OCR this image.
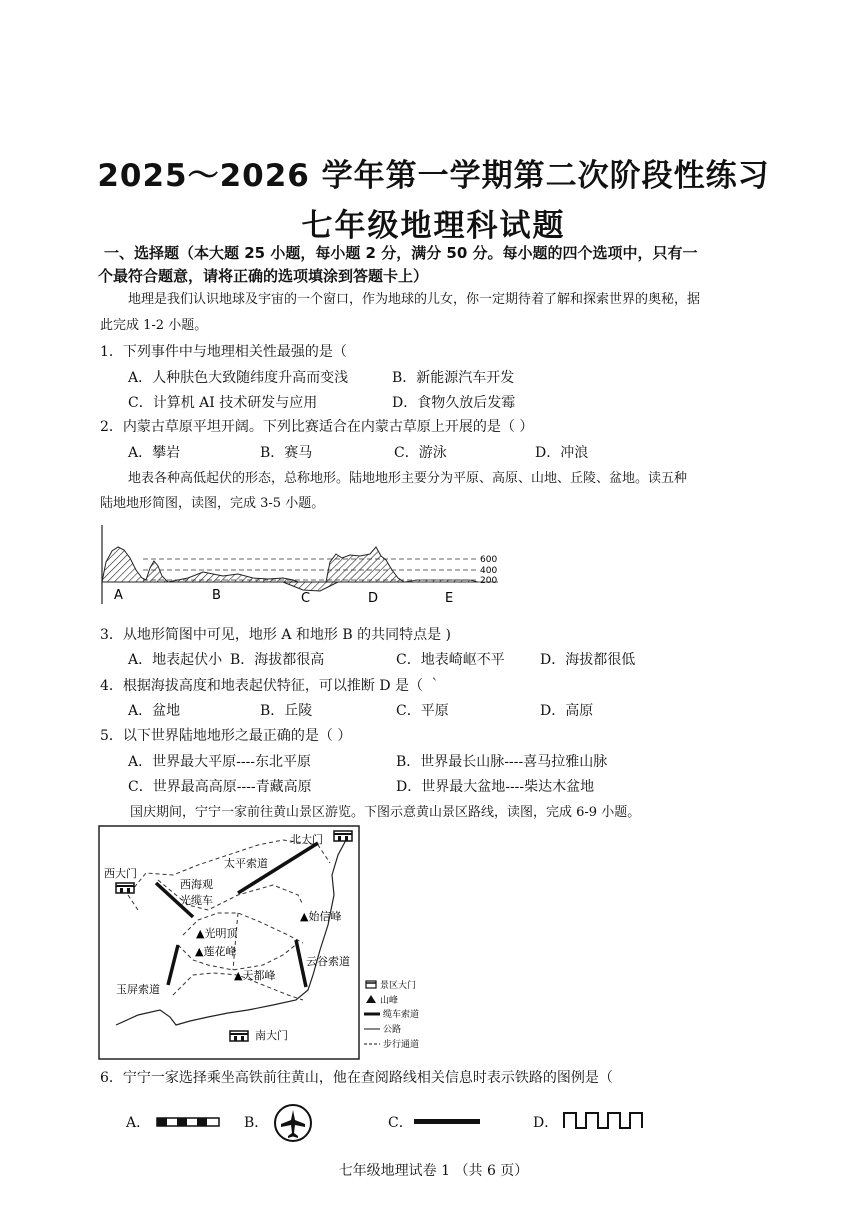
2025～2026 学年第一学期第二次阶段性练习
七年级地理科试题
一、选择题（本大题 25 小题，每小题 2 分，满分 50 分。每小题的四个选项中，只有一
个最符合题意，请将正确的选项填涂到答题卡上）
地理是我们认识地球及宇宙的一个窗口，作为地球的儿女，你一定期待着了解和探索世界的奥秘，据
此完成 1-2 小题。
1．下列事件中与地理相关性最强的是（
A．人种肤色大致随纬度升高而变浅	B．新能源汽车开发
C．计算机 AI 技术研发与应用	D．食物久放后发霉
2．内蒙古草原平坦开阔。下列比赛适合在内蒙古草原上开展的是（ ）
A．攀岩	B．赛马	C．游泳	D．冲浪
地表各种高低起伏的形态，总称地形。陆地地形主要分为平原、高原、山地、丘陵、盆地。读五种
陆地地形简图，读图，完成 3-5 小题。
600
400
200
A	B	C	D	E
3．从地形简图中可见，地形 A 和地形 B 的共同特点是 )
A．地表起伏小 B．海拔都很高	C．地表崎岖不平	D．海拔都很低
4．根据海拔高度和地表起伏特征，可以推断 D 是（ ｀
A．盆地	B．丘陵	C．平原	D．高原
5．以下世界陆地地形之最正确的是（ ）
A．世界最大平原----东北平原	B．世界最长山脉----喜马拉雅山脉
C．世界最高高原----青藏高原	D．世界最大盆地----柴达木盆地
国庆期间，宁宁一家前往黄山景区游览。下图示意黄山景区路线，读图，完成 6-9 小题。
北大门
西大门
南大门
太平索道
西海观
光缆车
▲光明顶
▲始信峰
▲莲花峰
▲天都峰
云谷索道
玉屏索道	景区大门
山峰
缆车索道
公路
步行通道
6．宁宁一家选择乘坐高铁前往黄山，他在查阅路线相关信息时表示铁路的图例是（
A．	B．	C．	D．
七年级地理试卷 1 （共 6 页）
